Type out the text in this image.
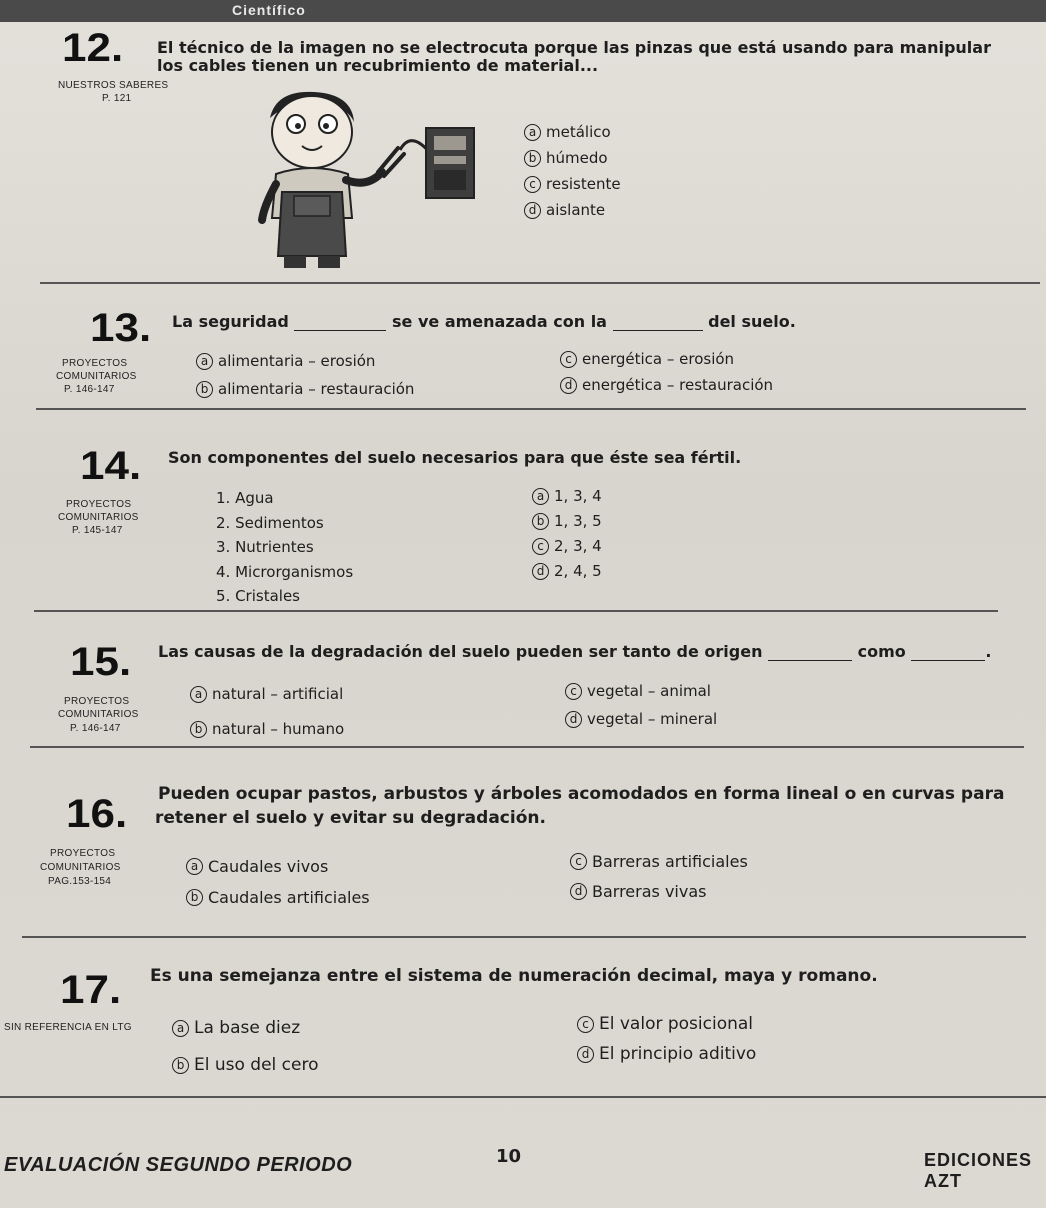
Científico
12. El técnico de la imagen no se electrocuta porque las pinzas que está usando para manipular
los cables tienen un recubrimiento de material...
NUESTROS SABERES
P. 121
a metálico
b húmedo
c resistente
d aislante
13. La seguridad	se ve amenazada con la	del suelo.
PROYECTOS
COMUNITARIOS
P. 146-147
a alimentaria – erosión
b alimentaria – restauración
c energética – erosión
d energética – restauración
14. Son componentes del suelo necesarios para que éste sea fértil.
PROYECTOS
COMUNITARIOS
P. 145-147
1. Agua
2. Sedimentos
3. Nutrientes
4. Microrganismos
5. Cristales
a 1, 3, 4
b 1, 3, 5
c 2, 3, 4
d 2, 4, 5
15. Las causas de la degradación del suelo pueden ser tanto de origen	como	.
PROYECTOS
COMUNITARIOS
P. 146-147
a natural – artificial
b natural – humano
c vegetal – animal
d vegetal – mineral
16. Pueden ocupar pastos, arbustos y árboles acomodados en forma lineal o en curvas para
retener el suelo y evitar su degradación.
PROYECTOS
COMUNITARIOS
PAG.153-154
a Caudales vivos
b Caudales artificiales
c Barreras artificiales
d Barreras vivas
17. Es una semejanza entre el sistema de numeración decimal, maya y romano.
SIN REFERENCIA EN LTG	a La base diez
b El uso del cero
c El valor posicional
d El principio aditivo
EVALUACIÓN SEGUNDO PERIODO	10	EDICIONES AZT
